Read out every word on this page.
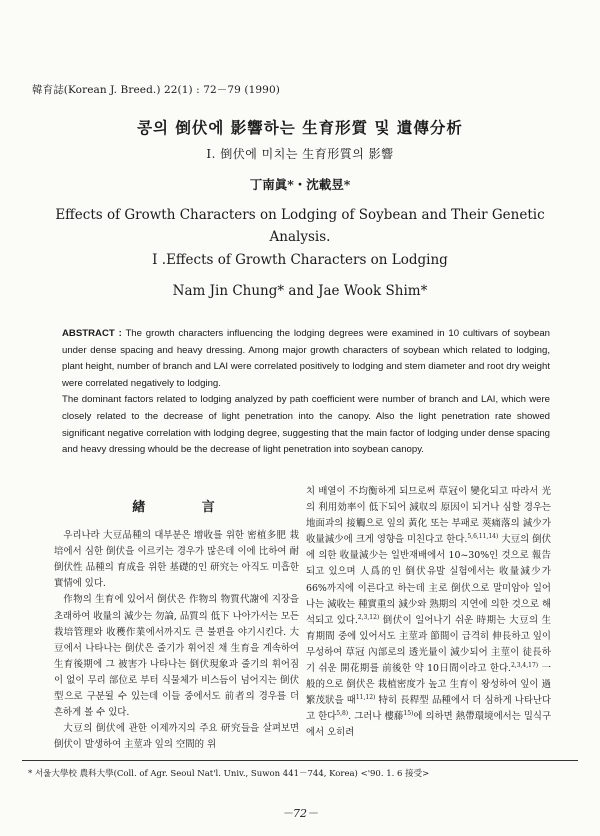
韓育誌(Korean J. Breed.) 22(1) : 72－79 (1990)
콩의 倒伏에 影響하는 生育形質 및 遺傳分析
Ⅰ. 倒伏에 미치는 生育形質의 影響
丁南眞*・沈載昱*
Effects of Growth Characters on Lodging of Soybean and Their Genetic Analysis.
I .Effects of Growth Characters on Lodging
Nam Jin Chung* and Jae Wook Shim*

ABSTRACT : The growth characters influencing the lodging degrees were examined in 10 cultivars of soybean under dense spacing and heavy dressing. Among major growth characters of soybean which related to lodging, plant height, number of branch and LAI were correlated positively to lodging and stem diameter and root dry weight were correlated negatively to lodging.

The dominant factors related to lodging analyzed by path coefficient were number of branch and LAI, which were closely related to the decrease of light penetration into the canopy. Also the light penetration rate showed significant negative correlation with lodging degree, suggesting that the main factor of lodging under dense spacing and heavy dressing whould be the decrease of light penetration into soybean canopy.

緖 言

우리나라 大豆品種의 대부분은 增收를 위한 密植多肥 栽培에서 심한 倒伏을 이르키는 경우가 많은데 이에 比하여 耐倒伏性 品種의 育成을 위한 基礎的인 研究는 아직도 미흡한 實情에 있다.

作物의 生育에 있어서 倒伏은 作物의 物質代謝에 지장을 초래하여 收量의 減少는 勿論, 品質의 低下 나아가서는 모든 栽培管理와 收穫作業에서까지도 큰 불편을 야기시킨다. 大豆에서 나타나는 倒伏은 줄기가 휘어진 채 生育을 계속하여 生育後期에 그 被害가 나타나는 倒伏現象과 줄기의 휘어짐이 없이 무리 部位로 부터 식물체가 비스듬이 넘어지는 倒伏型으로 구분될 수 있는데 이들 중에서도 前者의 경우를 더 흔하게 볼 수 있다.

大豆의 倒伏에 관한 이제까지의 주요 研究들을 살펴보면 倒伏이 발생하여 主莖과 잎의 空間的 위

치 배열이 不均衡하게 되므로써 草冠이 變化되고 따라서 光의 利用効率이 低下되어 減収의 原因이 되거나 심할 경우는 地面과의 接觸으로 잎의 黃化 또는 부패로 莢痛落의 減少가 收量減少에 크게 영향을 미친다고 한다.$^{5,6,11,14)}$ 大豆의 倒伏에 의한 收量減少는 일반재배에서 10~30%인 것으로 報告되고 있으며 人爲的인 倒伏유발 실험에서는 收量減少가 66%까지에 이른다고 하는데 主로 倒伏으로 말미암아 일어나는 減收는 種實重의 減少와 熟期의 지연에 의한 것으로 해석되고 있다.$^{2,3,12)}$ 倒伏이 일어나기 쉬운 時期는 大豆의 生育期間 중에 있어서도 主莖과 節間이 급격히 伸長하고 잎이 무성하여 草冠 內部로의 透光量이 減少되어 主莖이 徒長하기 쉬운 開花期를 前後한 약 10日間이라고 한다.$^{2,3,4,17)}$ 一般的으로 倒伏은 栽植密度가 높고 生育이 왕성하여 잎이 過繁茂狀을 때$^{11,12)}$ 特히 長稈型 品種에서 더 심하게 나타난다고 한다$^{5,8)}$. 그러나 樓藤$^{15)}$에 의하면 熱帶環境에서는 밀식구에서 오히려

* 서울大學校 農科大學(Coll. of Agr. Seoul Nat'l. Univ., Suwon 441－744, Korea) <'90. 1. 6 接受>
－72－
